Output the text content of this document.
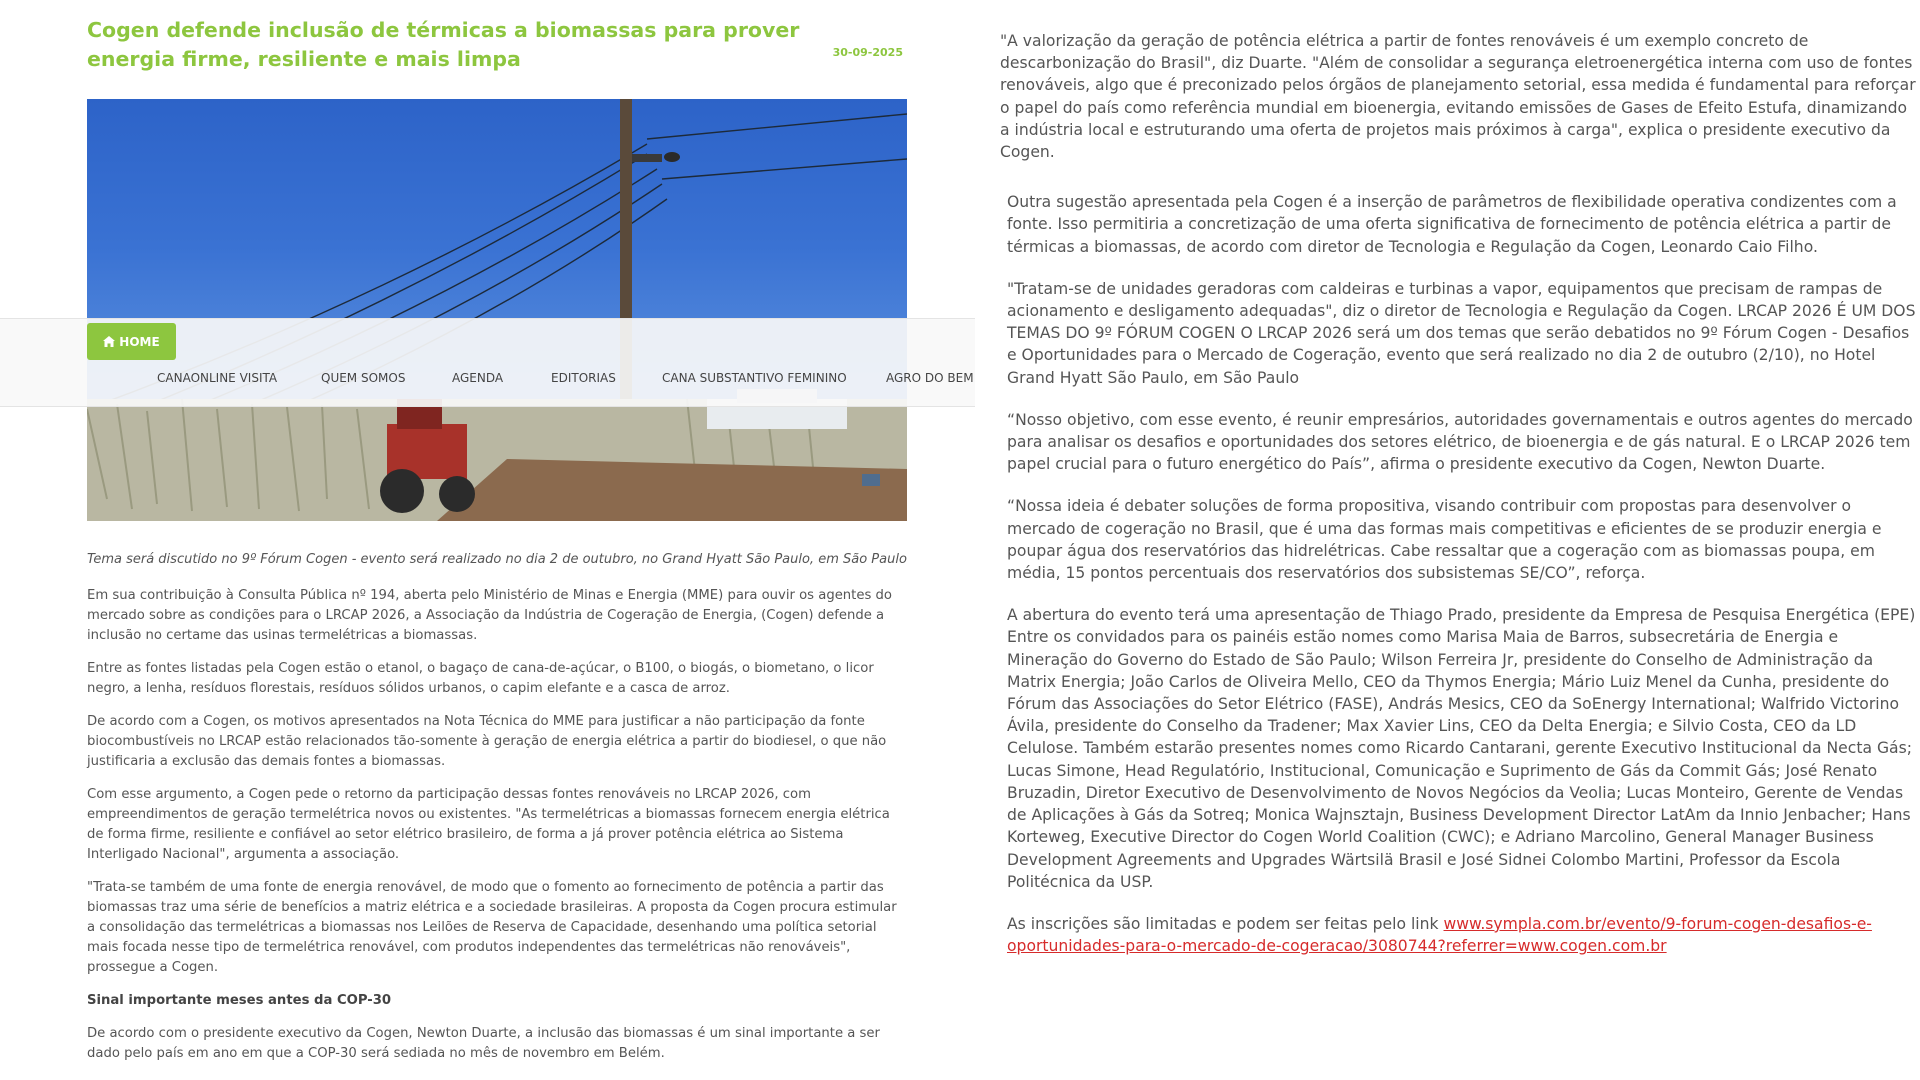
Cogen defende inclusão de térmicas a biomassas para prover energia firme, resiliente e mais limpa	30-09-2025

Tema será discutido no 9º Fórum Cogen - evento será realizado no dia 2 de outubro, no Grand Hyatt São Paulo, em São Paulo

Em sua contribuição à Consulta Pública nº 194, aberta pelo Ministério de Minas e Energia (MME) para ouvir os agentes do mercado sobre as condições para o LRCAP 2026, a Associação da Indústria de Cogeração de Energia, (Cogen) defende a inclusão no certame das usinas termelétricas a biomassas.

Entre as fontes listadas pela Cogen estão o etanol, o bagaço de cana-de-açúcar, o B100, o biogás, o biometano, o licor negro, a lenha, resíduos florestais, resíduos sólidos urbanos, o capim elefante e a casca de arroz.

De acordo com a Cogen, os motivos apresentados na Nota Técnica do MME para justificar a não participação da fonte biocombustíveis no LRCAP estão relacionados tão-somente à geração de energia elétrica a partir do biodiesel, o que não justificaria a exclusão das demais fontes a biomassas.

Com esse argumento, a Cogen pede o retorno da participação dessas fontes renováveis no LRCAP 2026, com empreendimentos de geração termelétrica novos ou existentes. "As termelétricas a biomassas fornecem energia elétrica de forma firme, resiliente e confiável ao setor elétrico brasileiro, de forma a já prover potência elétrica ao Sistema Interligado Nacional", argumenta a associação.

"Trata-se também de uma fonte de energia renovável, de modo que o fomento ao fornecimento de potência a partir das biomassas traz uma série de benefícios a matriz elétrica e a sociedade brasileiras. A proposta da Cogen procura estimular a consolidação das termelétricas a biomassas nos Leilões de Reserva de Capacidade, desenhando uma política setorial mais focada nesse tipo de termelétrica renovável, com produtos independentes das termelétricas não renováveis", prossegue a Cogen.

Sinal importante meses antes da COP-30

De acordo com o presidente executivo da Cogen, Newton Duarte, a inclusão das biomassas é um sinal importante a ser dado pelo país em ano em que a COP-30 será sediada no mês de novembro em Belém.

HOME
CANAONLINE VISITA	QUEM SOMOS	AGENDA	EDITORIAS	CANA SUBSTANTIVO FEMININO	AGRO DO BEM

"A valorização da geração de potência elétrica a partir de fontes renováveis é um exemplo concreto de descarbonização do Brasil", diz Duarte. "Além de consolidar a segurança eletroenergética interna com uso de fontes renováveis, algo que é preconizado pelos órgãos de planejamento setorial, essa medida é fundamental para reforçar o papel do país como referência mundial em bioenergia, evitando emissões de Gases de Efeito Estufa, dinamizando a indústria local e estruturando uma oferta de projetos mais próximos à carga", explica o presidente executivo da Cogen.

Outra sugestão apresentada pela Cogen é a inserção de parâmetros de flexibilidade operativa condizentes com a fonte. Isso permitiria a concretização de uma oferta significativa de fornecimento de potência elétrica a partir de térmicas a biomassas, de acordo com diretor de Tecnologia e Regulação da Cogen, Leonardo Caio Filho.

"Tratam-se de unidades geradoras com caldeiras e turbinas a vapor, equipamentos que precisam de rampas de acionamento e desligamento adequadas", diz o diretor de Tecnologia e Regulação da Cogen. LRCAP 2026 É UM DOS TEMAS DO 9º FÓRUM COGEN O LRCAP 2026 será um dos temas que serão debatidos no 9º Fórum Cogen - Desafios e Oportunidades para o Mercado de Cogeração, evento que será realizado no dia 2 de outubro (2/10), no Hotel Grand Hyatt São Paulo, em São Paulo

“Nosso objetivo, com esse evento, é reunir empresários, autoridades governamentais e outros agentes do mercado para analisar os desafios e oportunidades dos setores elétrico, de bioenergia e de gás natural. E o LRCAP 2026 tem papel crucial para o futuro energético do País”, afirma o presidente executivo da Cogen, Newton Duarte.

“Nossa ideia é debater soluções de forma propositiva, visando contribuir com propostas para desenvolver o mercado de cogeração no Brasil, que é uma das formas mais competitivas e eficientes de se produzir energia e poupar água dos reservatórios das hidrelétricas. Cabe ressaltar que a cogeração com as biomassas poupa, em média, 15 pontos percentuais dos reservatórios dos subsistemas SE/CO”, reforça.

A abertura do evento terá uma apresentação de Thiago Prado, presidente da Empresa de Pesquisa Energética (EPE) Entre os convidados para os painéis estão nomes como Marisa Maia de Barros, subsecretária de Energia e Mineração do Governo do Estado de São Paulo; Wilson Ferreira Jr, presidente do Conselho de Administração da Matrix Energia; João Carlos de Oliveira Mello, CEO da Thymos Energia; Mário Luiz Menel da Cunha, presidente do Fórum das Associações do Setor Elétrico (FASE), András Mesics, CEO da SoEnergy International; Walfrido Victorino Ávila, presidente do Conselho da Tradener; Max Xavier Lins, CEO da Delta Energia; e Silvio Costa, CEO da LD Celulose. Também estarão presentes nomes como Ricardo Cantarani, gerente Executivo Institucional da Necta Gás; Lucas Simone, Head Regulatório, Institucional, Comunicação e Suprimento de Gás da Commit Gás; José Renato Bruzadin, Diretor Executivo de Desenvolvimento de Novos Negócios da Veolia; Lucas Monteiro, Gerente de Vendas de Aplicações à Gás da Sotreq; Monica Wajnsztajn, Business Development Director LatAm da Innio Jenbacher; Hans Korteweg, Executive Director do Cogen World Coalition (CWC); e Adriano Marcolino, General Manager Business Development Agreements and Upgrades Wärtsilä Brasil e José Sidnei Colombo Martini, Professor da Escola Politécnica da USP.

As inscrições são limitadas e podem ser feitas pelo link www.sympla.com.br/evento/9-forum-cogen-desafios-e-oportunidades-para-o-mercado-de-cogeracao/3080744?referrer=www.cogen.com.br
